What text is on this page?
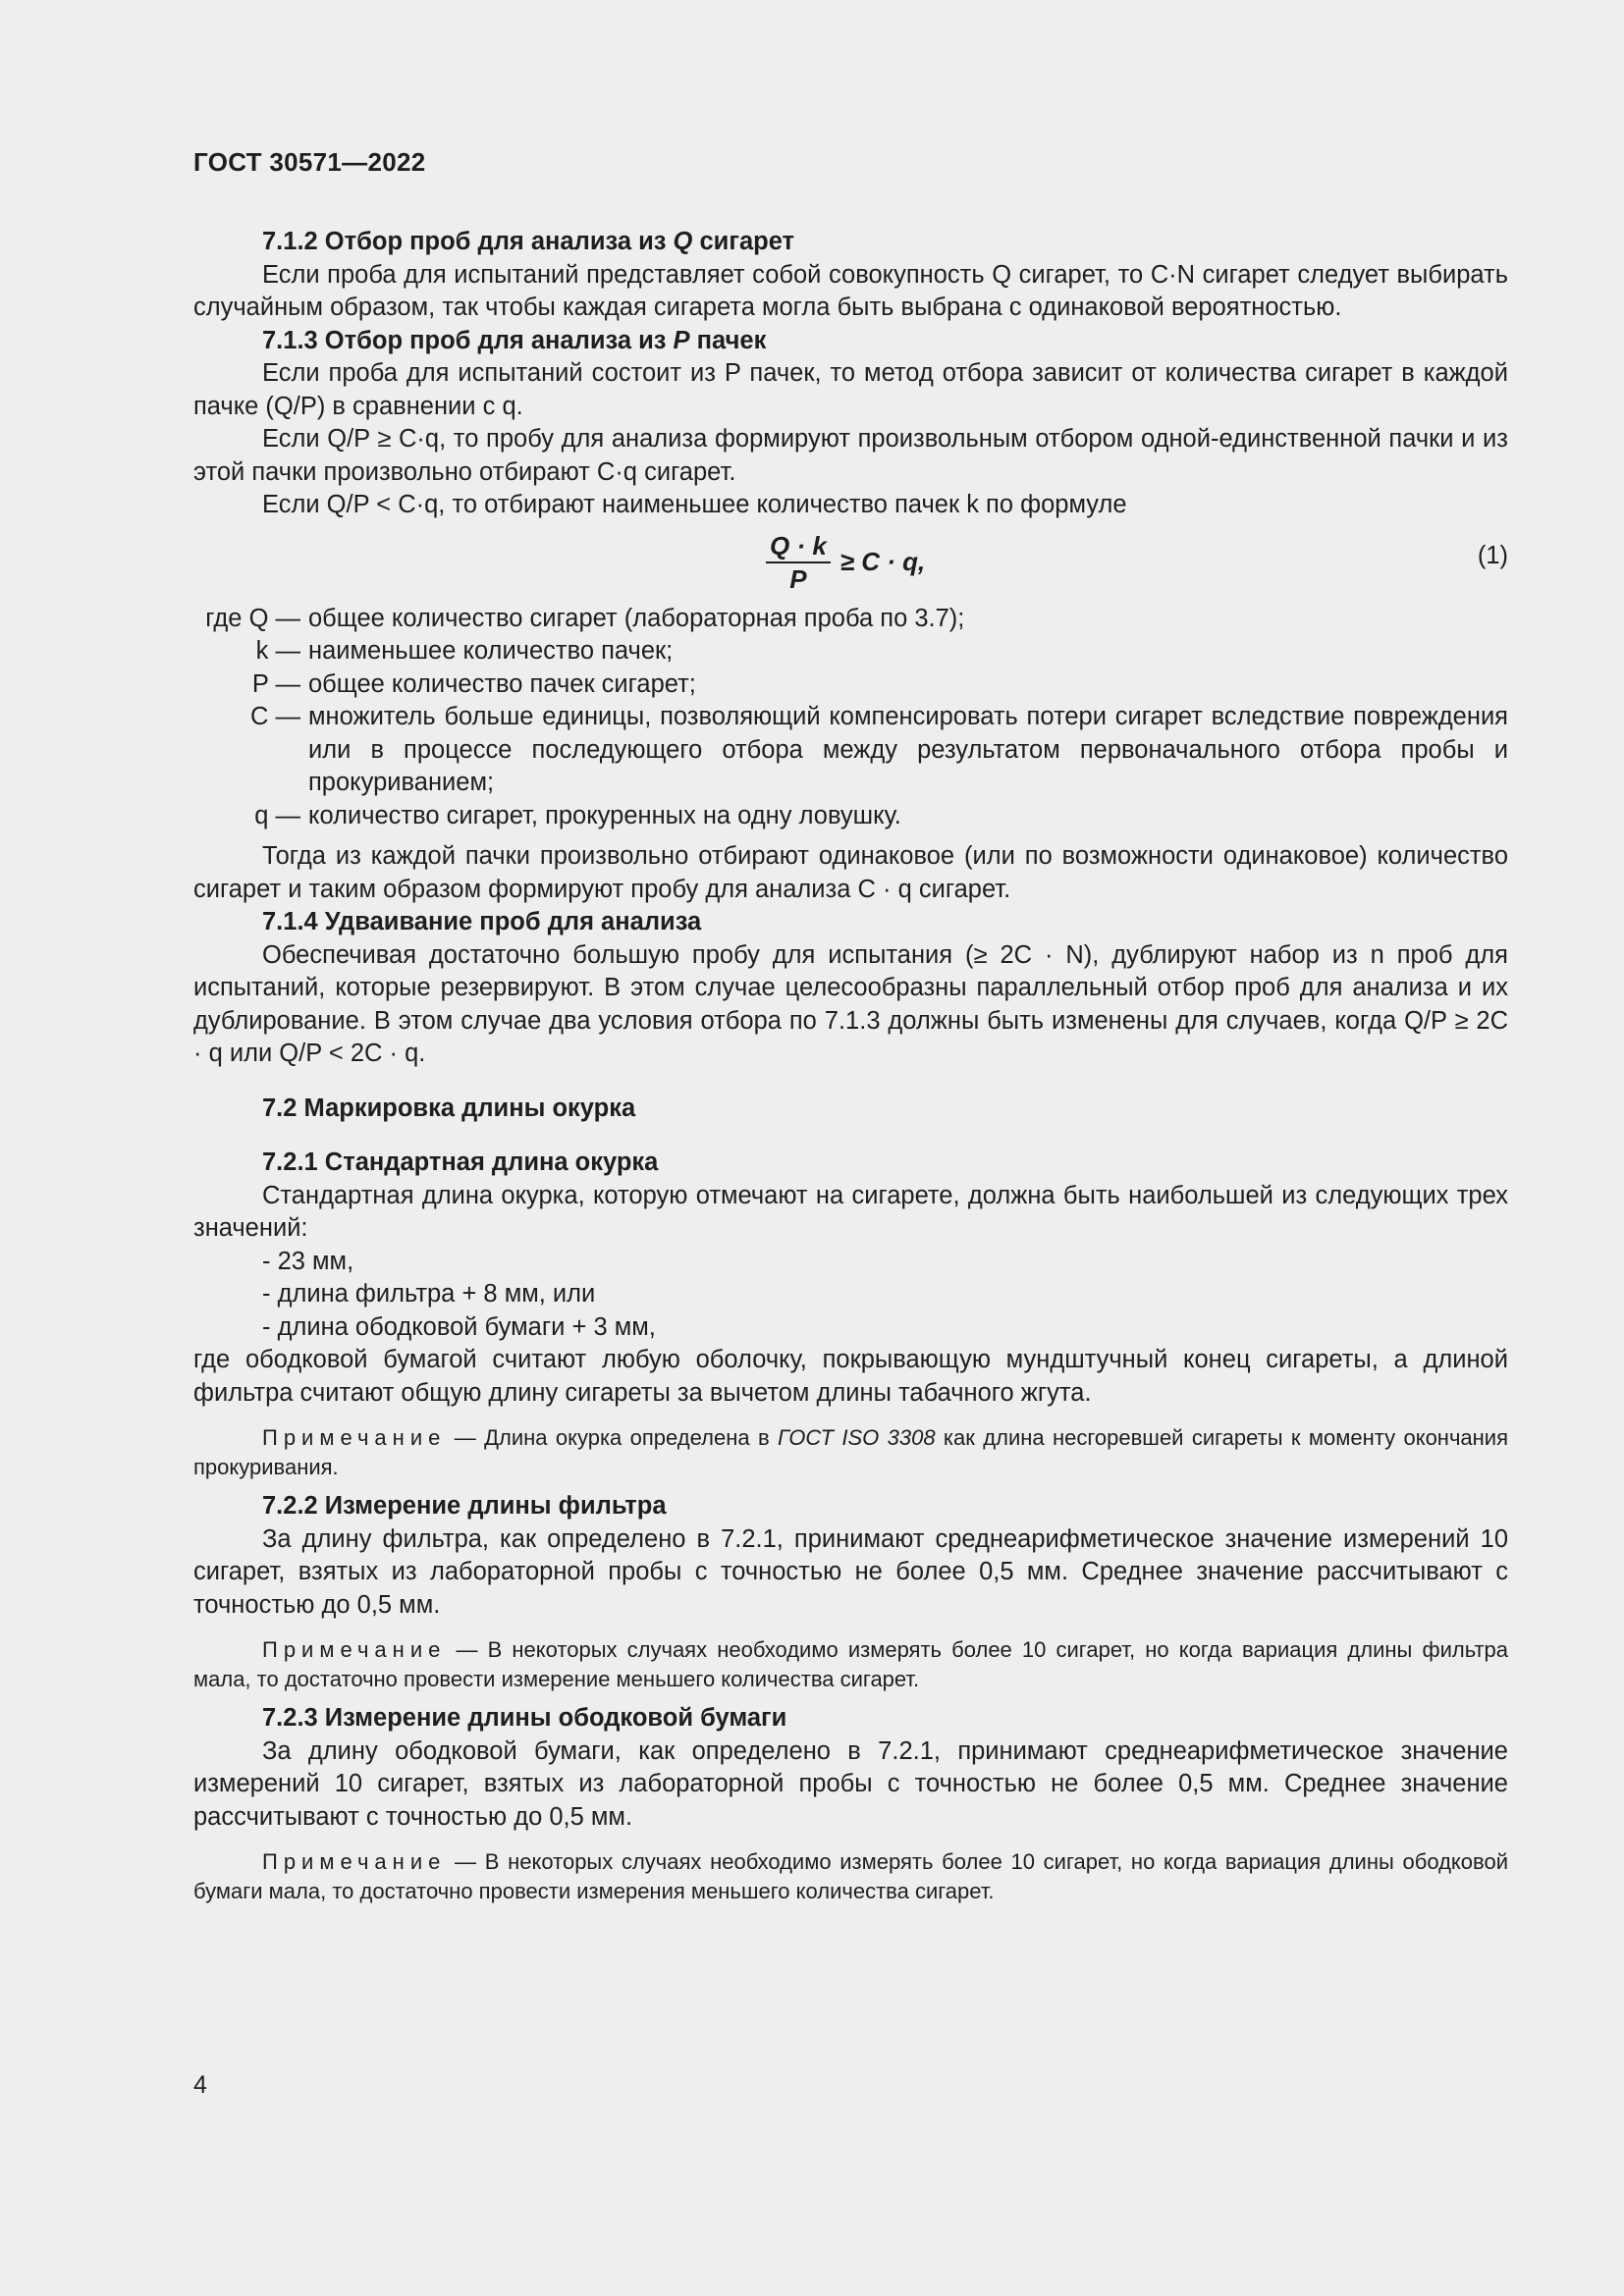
ГОСТ 30571—2022
7.1.2 Отбор проб для анализа из Q сигарет

Если проба для испытаний представляет собой совокупность Q сигарет, то C·N сигарет следует выбирать случайным образом, так чтобы каждая сигарета могла быть выбрана с одинаковой вероятностью.

7.1.3 Отбор проб для анализа из P пачек

Если проба для испытаний состоит из P пачек, то метод отбора зависит от количества сигарет в каждой пачке (Q/P) в сравнении с q.

Если Q/P ≥ C·q, то пробу для анализа формируют произвольным отбором одной-единственной пачки и из этой пачки произвольно отбирают C·q сигарет.

Если Q/P < C·q, то отбирают наименьшее количество пачек k по формуле

$\frac{Q \cdot k}{P} \ge C \cdot q$,	(1)
где Q — общее количество сигарет (лабораторная проба по 3.7);
k — наименьшее количество пачек;
P — общее количество пачек сигарет;
C — множитель больше единицы, позволяющий компенсировать потери сигарет вследствие повреждения или в процессе последующего отбора между результатом первоначального отбора пробы и прокуриванием;
q — количество сигарет, прокуренных на одну ловушку.

Тогда из каждой пачки произвольно отбирают одинаковое (или по возможности одинаковое) количество сигарет и таким образом формируют пробу для анализа C · q сигарет.

7.1.4 Удваивание проб для анализа

Обеспечивая достаточно большую пробу для испытания (≥ 2C · N), дублируют набор из n проб для испытаний, которые резервируют. В этом случае целесообразны параллельный отбор проб для анализа и их дублирование. В этом случае два условия отбора по 7.1.3 должны быть изменены для случаев, когда Q/P ≥ 2C · q или Q/P < 2C · q.

7.2 Маркировка длины окурка
7.2.1 Стандартная длина окурка

Стандартная длина окурка, которую отмечают на сигарете, должна быть наибольшей из следующих трех значений:

- 23 мм,
- длина фильтра + 8 мм, или
- длина ободковой бумаги + 3 мм,

где ободковой бумагой считают любую оболочку, покрывающую мундштучный конец сигареты, а длиной фильтра считают общую длину сигареты за вычетом длины табачного жгута.

Примечание — Длина окурка определена в ГОСТ ISO 3308 как длина несгоревшей сигареты к моменту окончания прокуривания.

7.2.2 Измерение длины фильтра

За длину фильтра, как определено в 7.2.1, принимают среднеарифметическое значение измерений 10 сигарет, взятых из лабораторной пробы с точностью не более 0,5 мм. Среднее значение рассчитывают с точностью до 0,5 мм.

Примечание — В некоторых случаях необходимо измерять более 10 сигарет, но когда вариация длины фильтра мала, то достаточно провести измерение меньшего количества сигарет.

7.2.3 Измерение длины ободковой бумаги

За длину ободковой бумаги, как определено в 7.2.1, принимают среднеарифметическое значение измерений 10 сигарет, взятых из лабораторной пробы с точностью не более 0,5 мм. Среднее значение рассчитывают с точностью до 0,5 мм.

Примечание — В некоторых случаях необходимо измерять более 10 сигарет, но когда вариация длины ободковой бумаги мала, то достаточно провести измерения меньшего количества сигарет.

4
